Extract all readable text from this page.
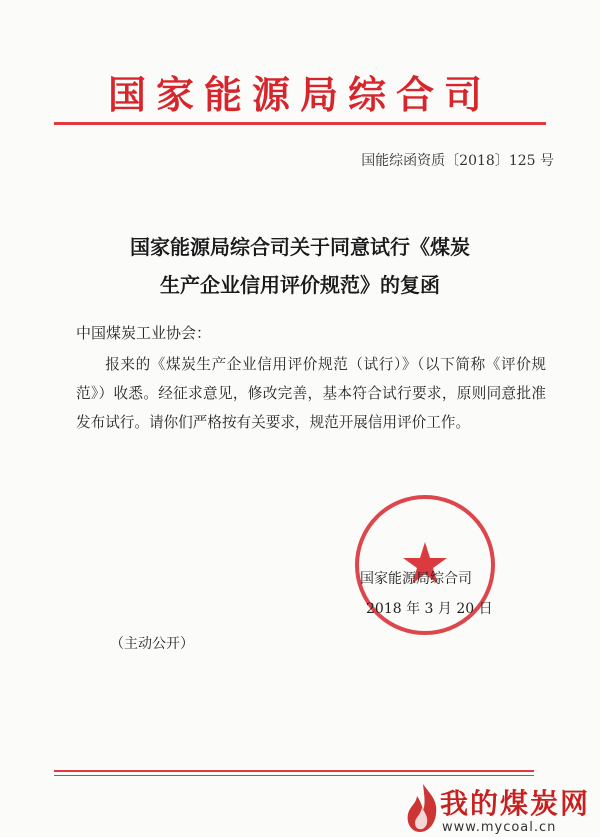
国家能源局综合司
国能综函资质〔2018〕125 号
国家能源局综合司关于同意试行《煤炭
生产企业信用评价规范》的复函
中国煤炭工业协会：
报来的《煤炭生产企业信用评价规范（试行）》（以下简称《评价规范》）收悉。经征求意见，修改完善，基本符合试行要求，原则同意批准发布试行。请你们严格按有关要求，规范开展信用评价工作。
国家能源局综合司
2018 年 3 月 20 日
（主动公开）
我的煤炭网
www.mycoal.cn
